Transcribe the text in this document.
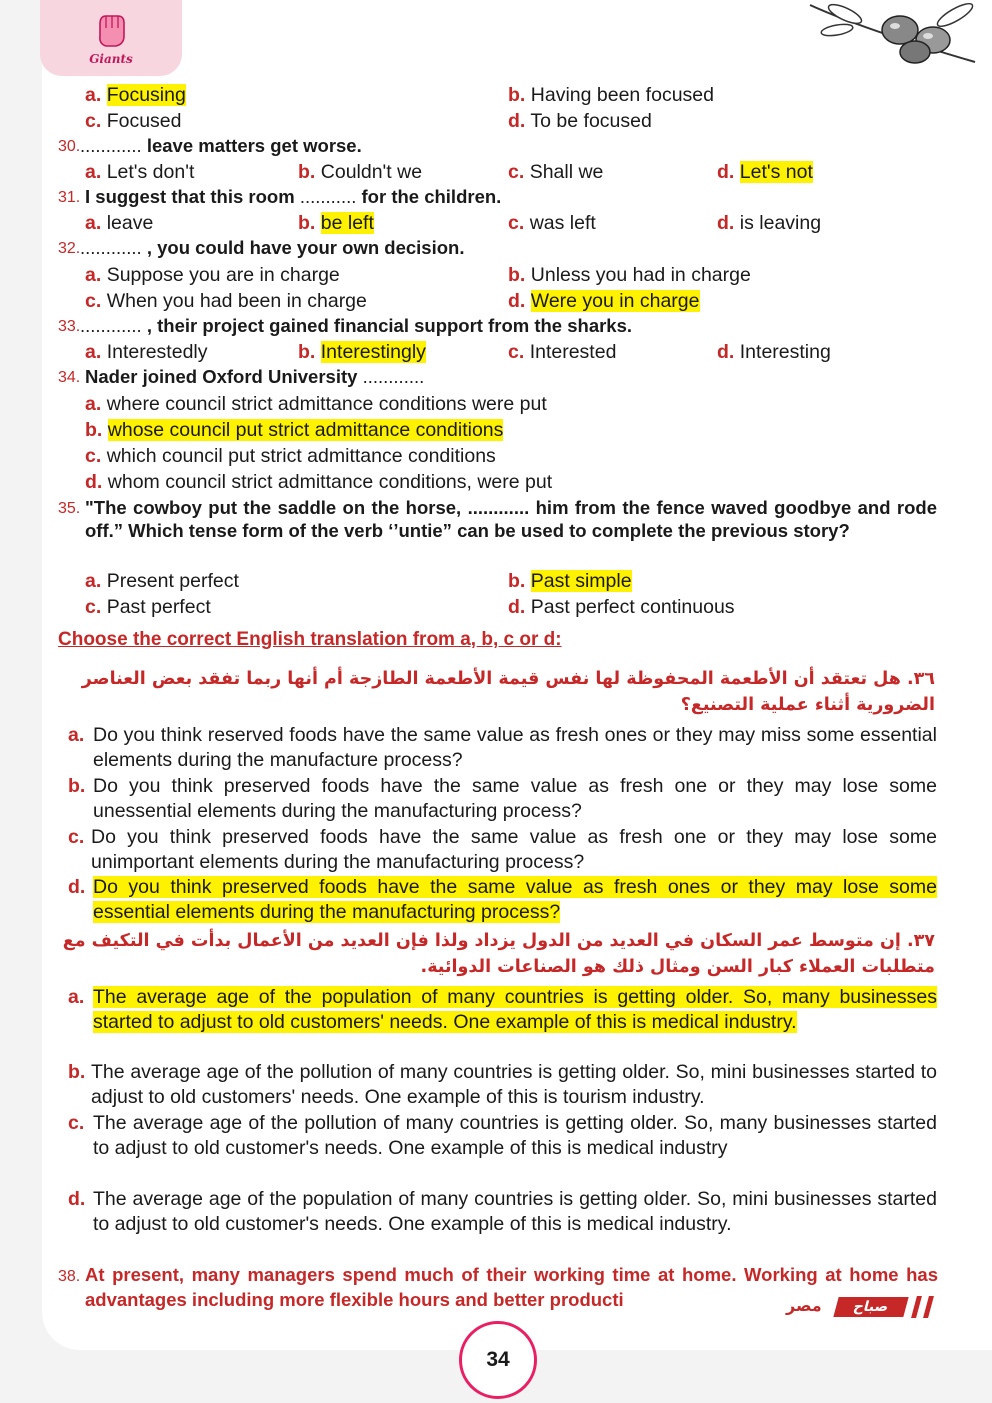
Giants
a. Focusing	b. Having been focused
c. Focused	d. To be focused
30. ............ leave matters get worse.
a. Let's don't	b. Couldn't we	c. Shall we	d. Let's not
31. I suggest that this room ........... for the children.
a. leave	b. be left	c. was left	d. is leaving
32. ............ , you could have your own decision.
a. Suppose you are in charge	b. Unless you had in charge
c. When you had been in charge	d. Were you in charge
33. ............ , their project gained financial support from the sharks.
a. Interestedly	b. Interestingly	c. Interested	d. Interesting
34. Nader joined Oxford University ............
a. where council strict admittance conditions were put
b. whose council put strict admittance conditions
c. which council put strict admittance conditions
d. whom council strict admittance conditions, were put
35. "The cowboy put the saddle on the horse, ............ him from the fence waved goodbye and rode off.” Which tense form of the verb ‘’untie” can be used to complete the previous story?
a. Present perfect	b. Past simple
c. Past perfect	d. Past perfect continuous
Choose the correct English translation from a, b, c or d:
٣٦. هل تعتقد أن الأطعمة المحفوظة لها نفس قيمة الأطعمة الطازجة أم أنها ربما تفقد بعض العناصر الضرورية أثناء عملية التصنيع؟
a. Do you think reserved foods have the same value as fresh ones or they may miss some essential elements during the manufacture process?
b. Do you think preserved foods have the same value as fresh one or they may lose some unessential elements during the manufacturing process?
c. Do you think preserved foods have the same value as fresh one or they may lose some unimportant elements during the manufacturing process?
d. Do you think preserved foods have the same value as fresh ones or they may lose some essential elements during the manufacturing process?
٣٧. إن متوسط عمر السكان في العديد من الدول يزداد ولذا فإن العديد من الأعمال بدأت في التكيف مع متطلبات العملاء كبار السن ومثال ذلك هو الصناعات الدوائية.
a. The average age of the population of many countries is getting older. So, many businesses started to adjust to old customers' needs. One example of this is medical industry.
b. The average age of the pollution of many countries is getting older. So, mini businesses started to adjust to old customers' needs. One example of this is tourism industry.
c. The average age of the pollution of many countries is getting older. So, many businesses started to adjust to old customer's needs. One example of this is medical industry
d. The average age of the population of many countries is getting older. So, mini businesses started to adjust to old customer's needs. One example of this is medical industry.
38. At present, many managers spend much of their working time at home. Working at home has advantages including more flexible hours and better producti	مصر	صباح
34
